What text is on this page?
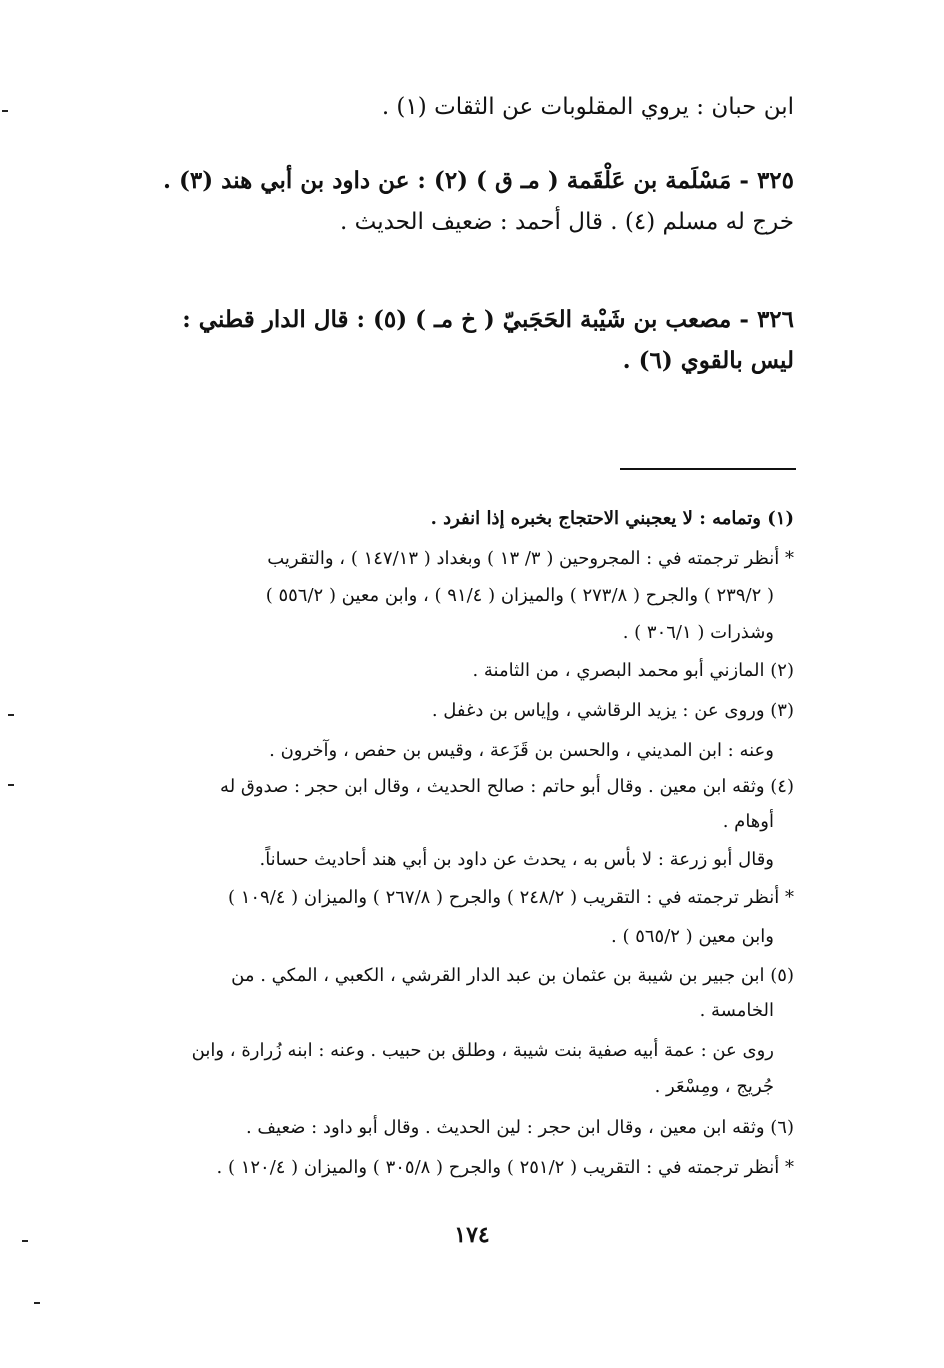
ابن حبان : يروي المقلوبات عن الثقات (١) .
٣٢٥ - مَسْلَمة بن عَلْقَمة ( مـ ق ) (٢) : عن داود بن أبي هند (٣) .
خرج له مسلم (٤) . قال أحمد : ضعيف الحديث .
٣٢٦ - مصعب بن شَيْبة الحَجَبيّ ( خ مـ ) (٥) : قال الدار قطني :
ليس بالقوي (٦) .
(١) وتمامه : لا يعجبني الاحتجاج بخبره إذا انفرد .
* أنظر ترجمته في : المجروحين ( ٣/ ١٣ ) وبغداد ( ١٤٧/١٣ ) ، والتقريب
( ٢٣٩/٢ ) والجرح ( ٢٧٣/٨ ) والميزان ( ٩١/٤ ) ، وابن معين ( ٥٥٦/٢ )
وشذرات ( ٣٠٦/١ ) .
(٢) المازني أبو محمد البصري ، من الثامنة .
(٣) وروى عن : يزيد الرقاشي ، وإياس بن دغفل .
وعنه : ابن المديني ، والحسن بن قَزَعة ، وقيس بن حفص ، وآخرون .
(٤) وثقه ابن معين . وقال أبو حاتم : صالح الحديث ، وقال ابن حجر : صدوق له
أوهام .
وقال أبو زرعة : لا بأس به ، يحدث عن داود بن أبي هند أحاديث حساناً.
* أنظر ترجمته في : التقريب ( ٢٤٨/٢ ) والجرح ( ٢٦٧/٨ ) والميزان ( ١٠٩/٤ )
وابن معين ( ٥٦٥/٢ ) .
(٥) ابن جبير بن شيبة بن عثمان بن عبد الدار القرشي ، الكعبي ، المكي . من
الخامسة .
روى عن : عمة أبيه صفية بنت شيبة ، وطلق بن حبيب . وعنه : ابنه زُرارة ، وابن
جُريج ، ومِسْعَر .
(٦) وثقه ابن معين ، وقال ابن حجر : لين الحديث . وقال أبو داود : ضعيف .
* أنظر ترجمته في : التقريب ( ٢٥١/٢ ) والجرح ( ٣٠٥/٨ ) والميزان ( ١٢٠/٤ ) .
١٧٤
